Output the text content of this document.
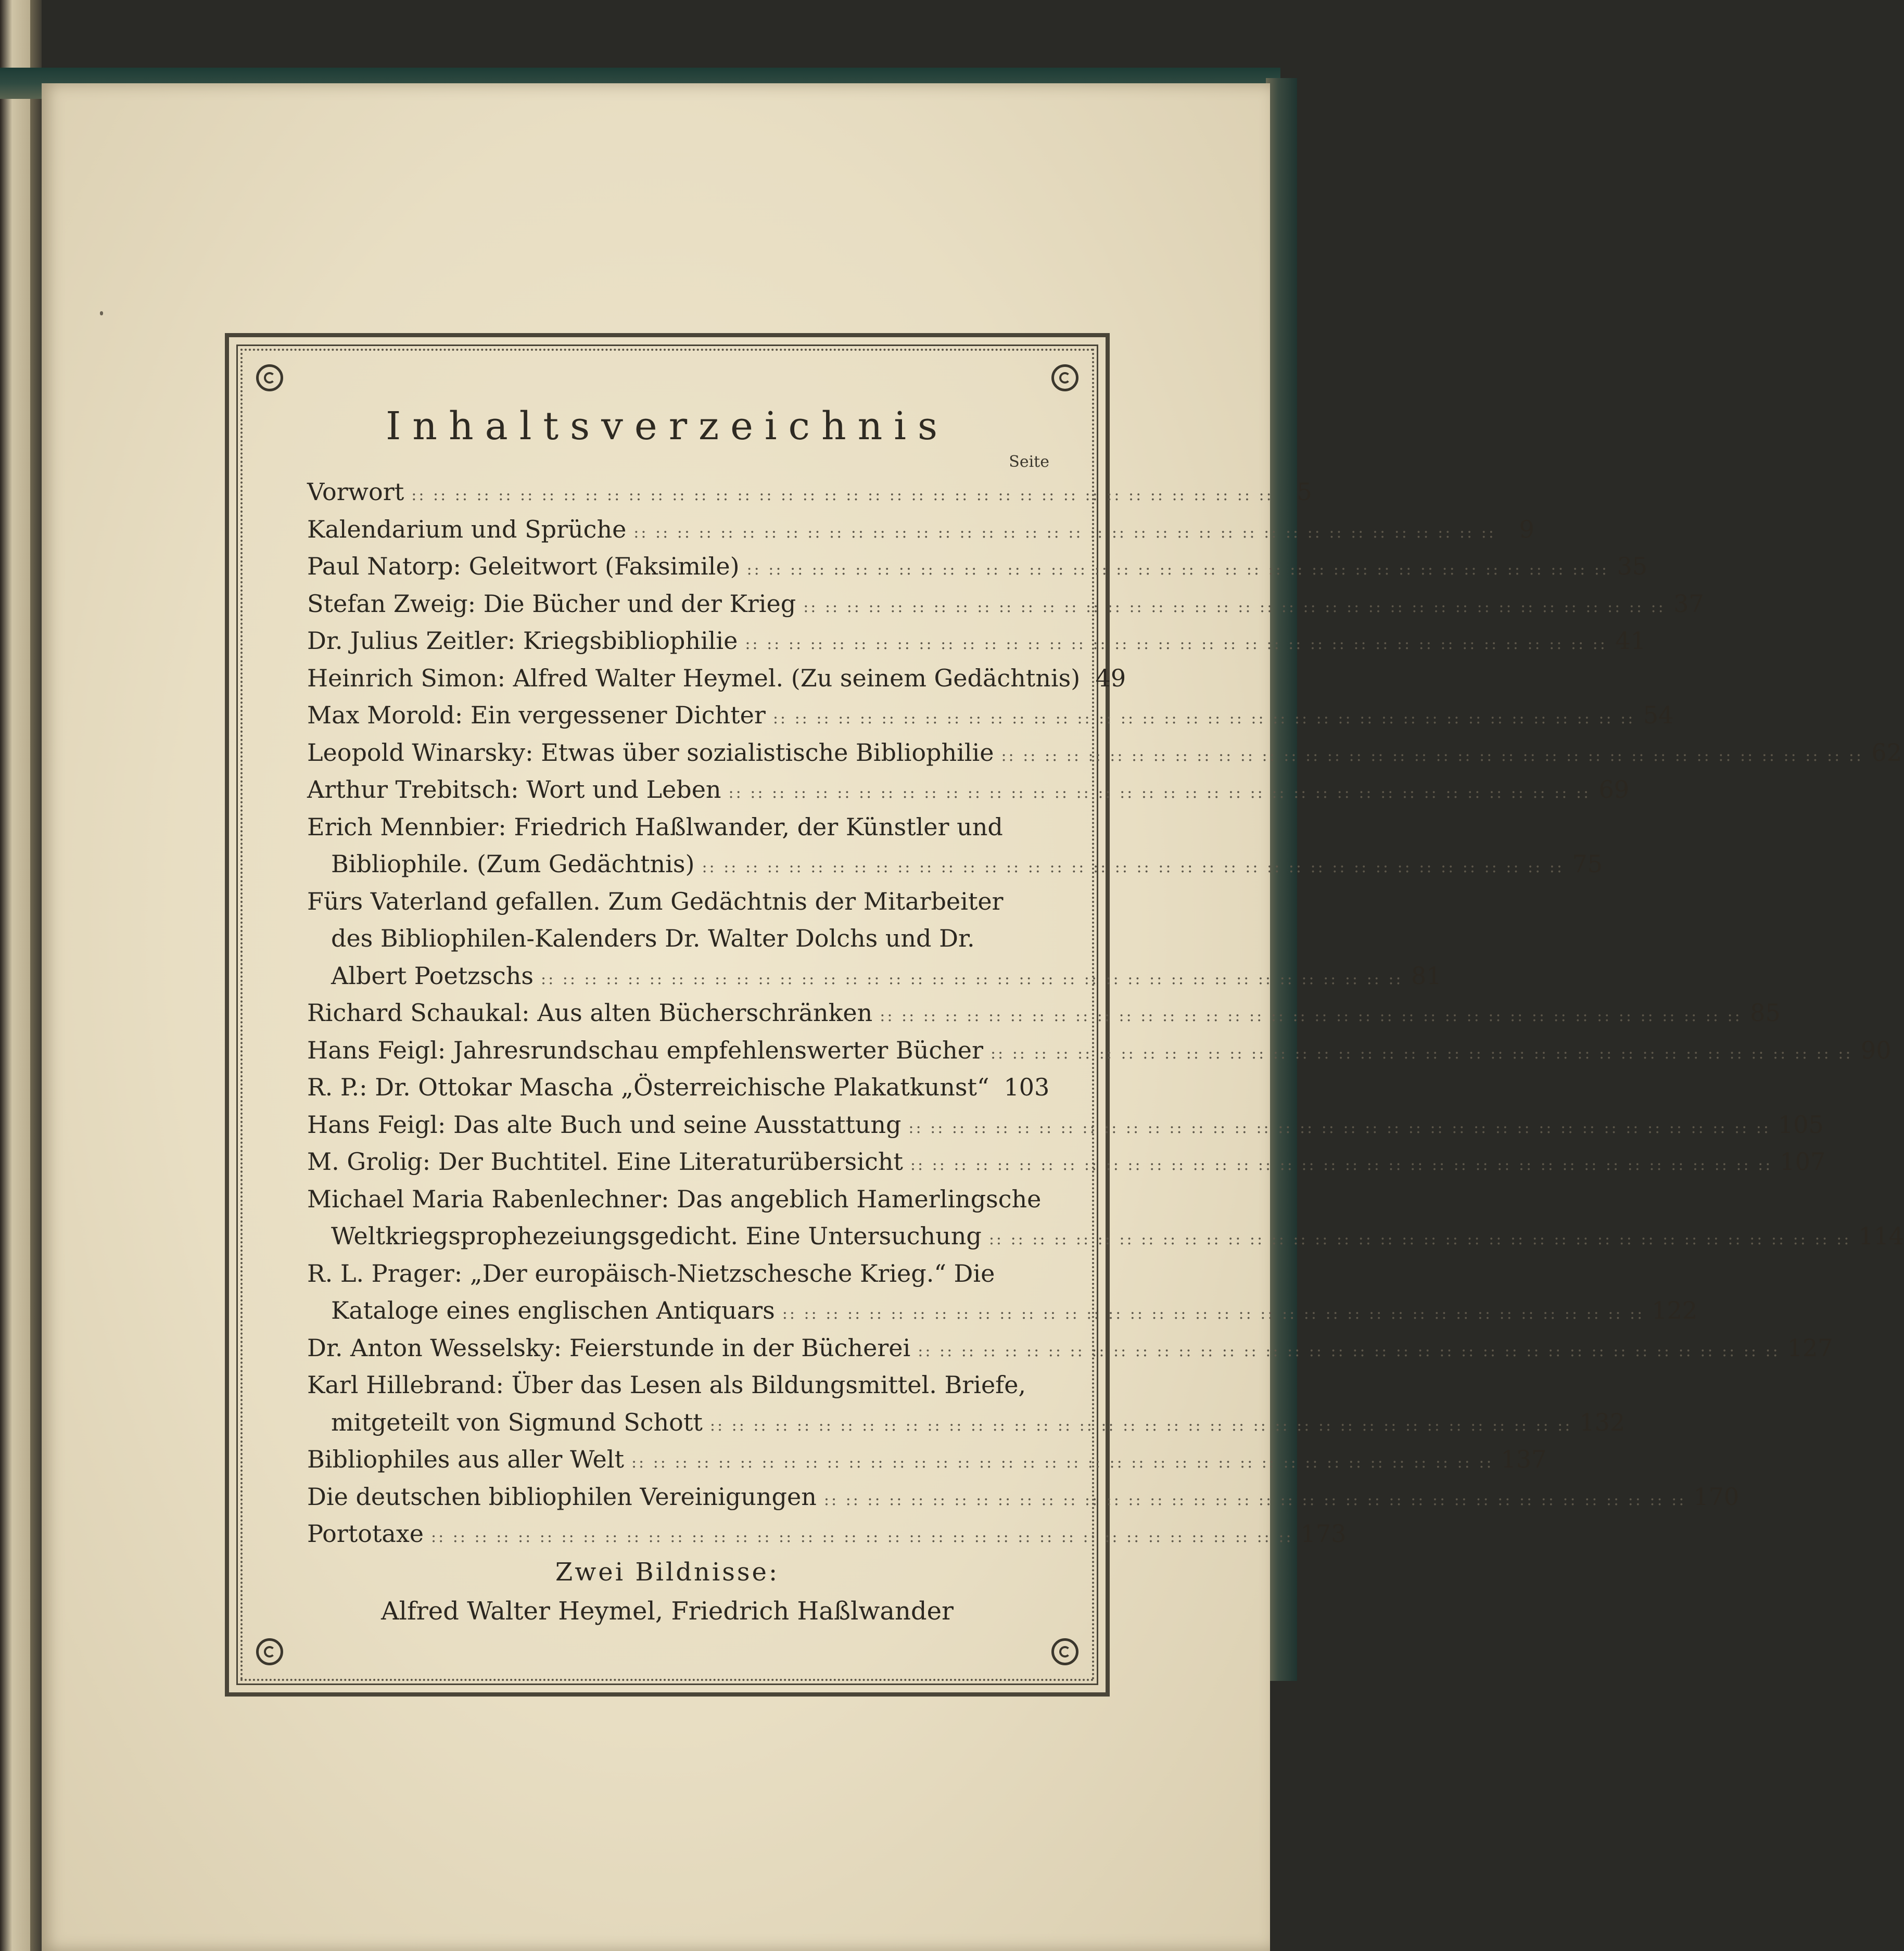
Inhaltsverzeichnis
Seite
Vorwort :: :: :: :: :: :: :: :: :: :: :: :: :: :: :: :: :: :: :: :: :: :: :: :: :: :: :: :: :: :: :: :: :: :: :: :: :: :: :: :: 5
Kalendarium und Sprüche :: :: :: :: :: :: :: :: :: :: :: :: :: :: :: :: :: :: :: :: :: :: :: :: :: :: :: :: :: :: :: :: :: :: :: :: :: :: :: :: 9
Paul Natorp: Geleitwort (Faksimile) :: :: :: :: :: :: :: :: :: :: :: :: :: :: :: :: :: :: :: :: :: :: :: :: :: :: :: :: :: :: :: :: :: :: :: :: :: :: :: :: 35
Stefan Zweig: Die Bücher und der Krieg :: :: :: :: :: :: :: :: :: :: :: :: :: :: :: :: :: :: :: :: :: :: :: :: :: :: :: :: :: :: :: :: :: :: :: :: :: :: :: :: 37
Dr. Julius Zeitler: Kriegsbibliophilie :: :: :: :: :: :: :: :: :: :: :: :: :: :: :: :: :: :: :: :: :: :: :: :: :: :: :: :: :: :: :: :: :: :: :: :: :: :: :: :: 41
Heinrich Simon: Alfred Walter Heymel. (Zu seinem Gedächtnis) 49
Max Morold: Ein vergessener Dichter :: :: :: :: :: :: :: :: :: :: :: :: :: :: :: :: :: :: :: :: :: :: :: :: :: :: :: :: :: :: :: :: :: :: :: :: :: :: :: :: 54
Leopold Winarsky: Etwas über sozialistische Bibliophilie :: :: :: :: :: :: :: :: :: :: :: :: :: :: :: :: :: :: :: :: :: :: :: :: :: :: :: :: :: :: :: :: :: :: :: :: :: :: :: :: 62
Arthur Trebitsch: Wort und Leben :: :: :: :: :: :: :: :: :: :: :: :: :: :: :: :: :: :: :: :: :: :: :: :: :: :: :: :: :: :: :: :: :: :: :: :: :: :: :: :: 69
Erich Mennbier: Friedrich Haßlwander, der Künstler und
Bibliophile. (Zum Gedächtnis) :: :: :: :: :: :: :: :: :: :: :: :: :: :: :: :: :: :: :: :: :: :: :: :: :: :: :: :: :: :: :: :: :: :: :: :: :: :: :: :: 75
Fürs Vaterland gefallen. Zum Gedächtnis der Mitarbeiter
des Bibliophilen-Kalenders Dr. Walter Dolchs und Dr.
Albert Poetzschs :: :: :: :: :: :: :: :: :: :: :: :: :: :: :: :: :: :: :: :: :: :: :: :: :: :: :: :: :: :: :: :: :: :: :: :: :: :: :: :: 81
Richard Schaukal: Aus alten Bücherschränken :: :: :: :: :: :: :: :: :: :: :: :: :: :: :: :: :: :: :: :: :: :: :: :: :: :: :: :: :: :: :: :: :: :: :: :: :: :: :: :: 85
Hans Feigl: Jahresrundschau empfehlenswerter Bücher :: :: :: :: :: :: :: :: :: :: :: :: :: :: :: :: :: :: :: :: :: :: :: :: :: :: :: :: :: :: :: :: :: :: :: :: :: :: :: :: 90
R. P.: Dr. Ottokar Mascha „Österreichische Plakatkunst“ 103
Hans Feigl: Das alte Buch und seine Ausstattung :: :: :: :: :: :: :: :: :: :: :: :: :: :: :: :: :: :: :: :: :: :: :: :: :: :: :: :: :: :: :: :: :: :: :: :: :: :: :: :: 105
M. Grolig: Der Buchtitel. Eine Literaturübersicht :: :: :: :: :: :: :: :: :: :: :: :: :: :: :: :: :: :: :: :: :: :: :: :: :: :: :: :: :: :: :: :: :: :: :: :: :: :: :: :: 107
Michael Maria Rabenlechner: Das angeblich Hamerlingsche
Weltkriegsprophezeiungsgedicht. Eine Untersuchung :: :: :: :: :: :: :: :: :: :: :: :: :: :: :: :: :: :: :: :: :: :: :: :: :: :: :: :: :: :: :: :: :: :: :: :: :: :: :: :: 114
R. L. Prager: „Der europäisch-Nietzschesche Krieg.“ Die
Kataloge eines englischen Antiquars :: :: :: :: :: :: :: :: :: :: :: :: :: :: :: :: :: :: :: :: :: :: :: :: :: :: :: :: :: :: :: :: :: :: :: :: :: :: :: :: 122
Dr. Anton Wesselsky: Feierstunde in der Bücherei :: :: :: :: :: :: :: :: :: :: :: :: :: :: :: :: :: :: :: :: :: :: :: :: :: :: :: :: :: :: :: :: :: :: :: :: :: :: :: :: 127
Karl Hillebrand: Über das Lesen als Bildungsmittel. Briefe,
mitgeteilt von Sigmund Schott :: :: :: :: :: :: :: :: :: :: :: :: :: :: :: :: :: :: :: :: :: :: :: :: :: :: :: :: :: :: :: :: :: :: :: :: :: :: :: :: 132
Bibliophiles aus aller Welt :: :: :: :: :: :: :: :: :: :: :: :: :: :: :: :: :: :: :: :: :: :: :: :: :: :: :: :: :: :: :: :: :: :: :: :: :: :: :: :: 137
Die deutschen bibliophilen Vereinigungen :: :: :: :: :: :: :: :: :: :: :: :: :: :: :: :: :: :: :: :: :: :: :: :: :: :: :: :: :: :: :: :: :: :: :: :: :: :: :: :: 170
Portotaxe :: :: :: :: :: :: :: :: :: :: :: :: :: :: :: :: :: :: :: :: :: :: :: :: :: :: :: :: :: :: :: :: :: :: :: :: :: :: :: :: 173
Zwei Bildnisse:
Alfred Walter Heymel, Friedrich Haßlwander
